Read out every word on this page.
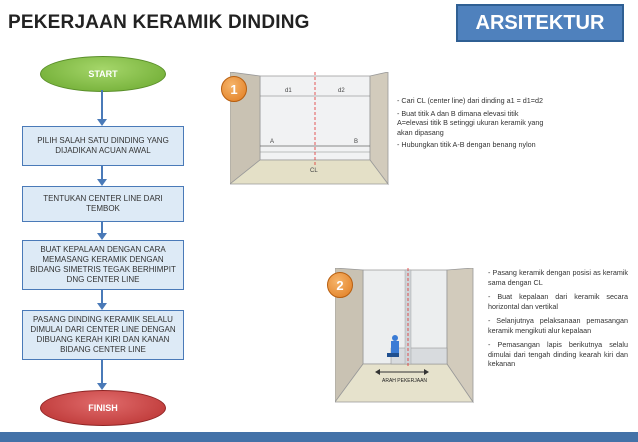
PEKERJAAN KERAMIK DINDING	ARSITEKTUR
START
PILIH SALAH SATU DINDING YANG DIJADIKAN ACUAN AWAL
TENTUKAN CENTER LINE DARI TEMBOK
BUAT KEPALAAN DENGAN CARA MEMASANG KERAMIK DENGAN BIDANG SIMETRIS TEGAK BERHIMPIT DNG CENTER LINE
PASANG DINDING KERAMIK SELALU DIMULAI DARI CENTER LINE DENGAN DIBUANG KERAH KIRI DAN KANAN BIDANG CENTER LINE
FINISH
d1	d2
A	B
CL
1

- Cari CL (center line) dari dinding a1 = d1=d2

- Buat titik A dan B dimana elevasi titik A=elevasi titik B setinggi ukuran keramik yang akan dipasang

- Hubungkan titik A-B dengan benang nylon

ARAH PEKERJAAN
2

- Pasang keramik dengan posisi as keramik sama dengan CL

- Buat kepalaan dari keramik secara horizontal dan vertikal

- Selanjutnya pelaksanaan pemasangan keramik mengikuti alur kepalaan

- Pemasangan lapis berikutnya selalu dimulai dari tengah dinding kearah kiri dan kekanan
